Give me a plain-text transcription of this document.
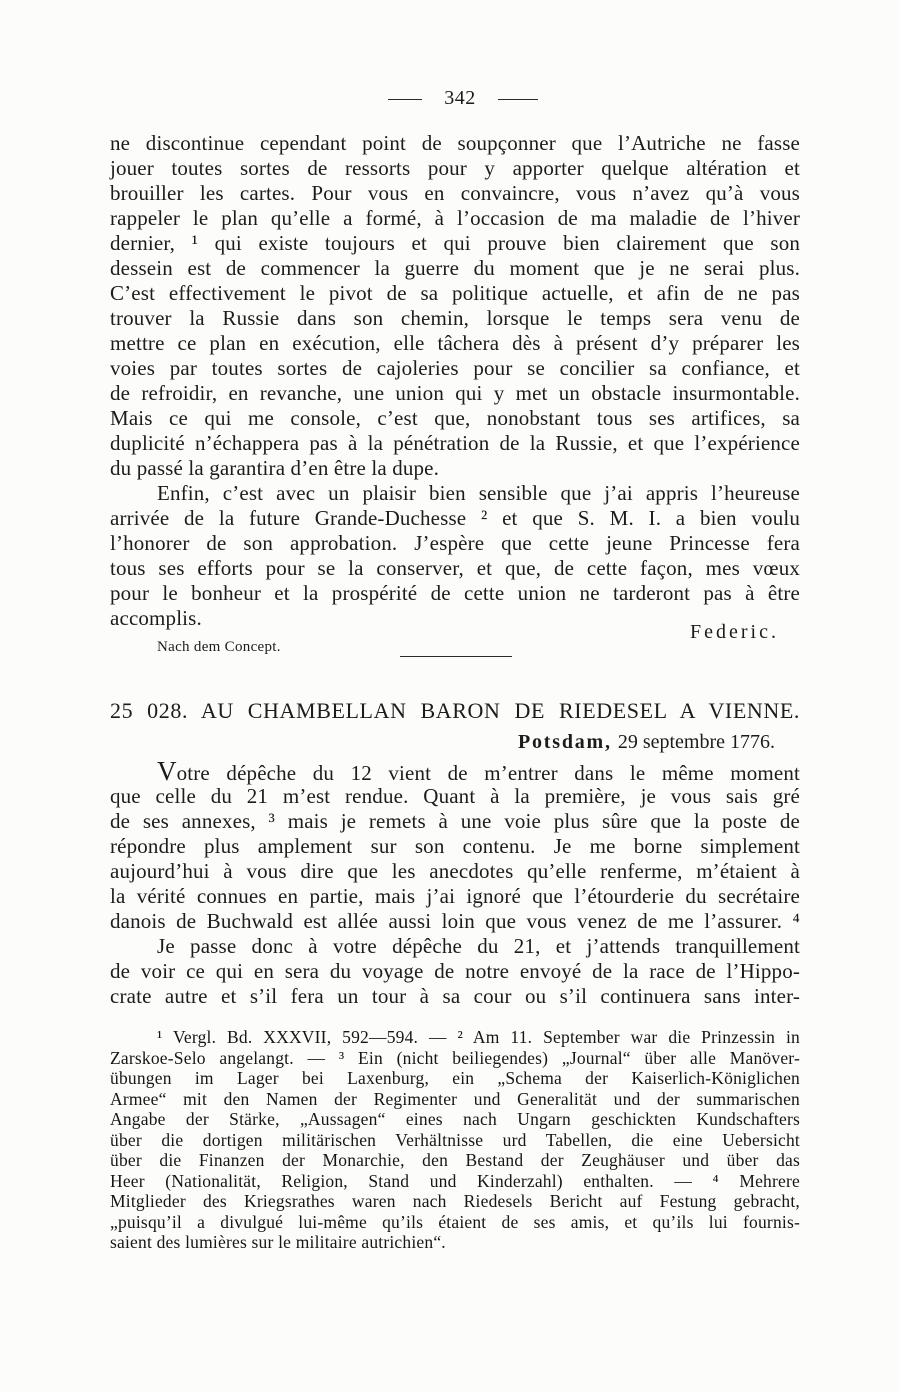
342
ne discontinue cependant point de soupçonner que l’Autriche ne fasse
jouer toutes sortes de ressorts pour y apporter quelque altération et
brouiller les cartes. Pour vous en convaincre, vous n’avez qu’à vous
rappeler le plan qu’elle a formé, à l’occasion de ma maladie de l’hiver
dernier, ¹ qui existe toujours et qui prouve bien clairement que son
dessein est de commencer la guerre du moment que je ne serai plus.
C’est effectivement le pivot de sa politique actuelle, et afin de ne pas
trouver la Russie dans son chemin, lorsque le temps sera venu de
mettre ce plan en exécution, elle tâchera dès à présent d’y préparer les
voies par toutes sortes de cajoleries pour se concilier sa confiance, et
de refroidir, en revanche, une union qui y met un obstacle insurmontable.
Mais ce qui me console, c’est que, nonobstant tous ses artifices, sa
duplicité n’échappera pas à la pénétration de la Russie, et que l’expérience
du passé la garantira d’en être la dupe.
Enfin, c’est avec un plaisir bien sensible que j’ai appris l’heureuse
arrivée de la future Grande-Duchesse ² et que S. M. I. a bien voulu
l’honorer de son approbation. J’espère que cette jeune Princesse fera
tous ses efforts pour se la conserver, et que, de cette façon, mes vœux
pour le bonheur et la prospérité de cette union ne tarderont pas à être
accomplis.
Federic.
Nach dem Concept.
25 028. AU CHAMBELLAN BARON DE RIEDESEL A VIENNE.
Potsdam, 29 septembre 1776.
Votre dépêche du 12 vient de m’entrer dans le même moment
que celle du 21 m’est rendue. Quant à la première, je vous sais gré
de ses annexes, ³ mais je remets à une voie plus sûre que la poste de
répondre plus amplement sur son contenu. Je me borne simplement
aujourd’hui à vous dire que les anecdotes qu’elle renferme, m’étaient à
la vérité connues en partie, mais j’ai ignoré que l’étourderie du secrétaire
danois de Buchwald est allée aussi loin que vous venez de me l’assurer. ⁴
Je passe donc à votre dépêche du 21, et j’attends tranquillement
de voir ce qui en sera du voyage de notre envoyé de la race de l’Hippo-
crate autre et s’il fera un tour à sa cour ou s’il continuera sans inter-
¹ Vergl. Bd. XXXVII, 592—594. — ² Am 11. September war die Prinzessin in
Zarskoe-Selo angelangt. — ³ Ein (nicht beiliegendes) „Journal“ über alle Manöver-
übungen im Lager bei Laxenburg, ein „Schema der Kaiserlich-Königlichen
Armee“ mit den Namen der Regimenter und Generalität und der summarischen
Angabe der Stärke, „Aussagen“ eines nach Ungarn geschickten Kundschafters
über die dortigen militärischen Verhältnisse urd Tabellen, die eine Uebersicht
über die Finanzen der Monarchie, den Bestand der Zeughäuser und über das
Heer (Nationalität, Religion, Stand und Kinderzahl) enthalten. — ⁴ Mehrere
Mitglieder des Kriegsrathes waren nach Riedesels Bericht auf Festung gebracht,
„puisqu’il a divulgué lui-même qu’ils étaient de ses amis, et qu’ils lui fournis-
saient des lumières sur le militaire autrichien“.
